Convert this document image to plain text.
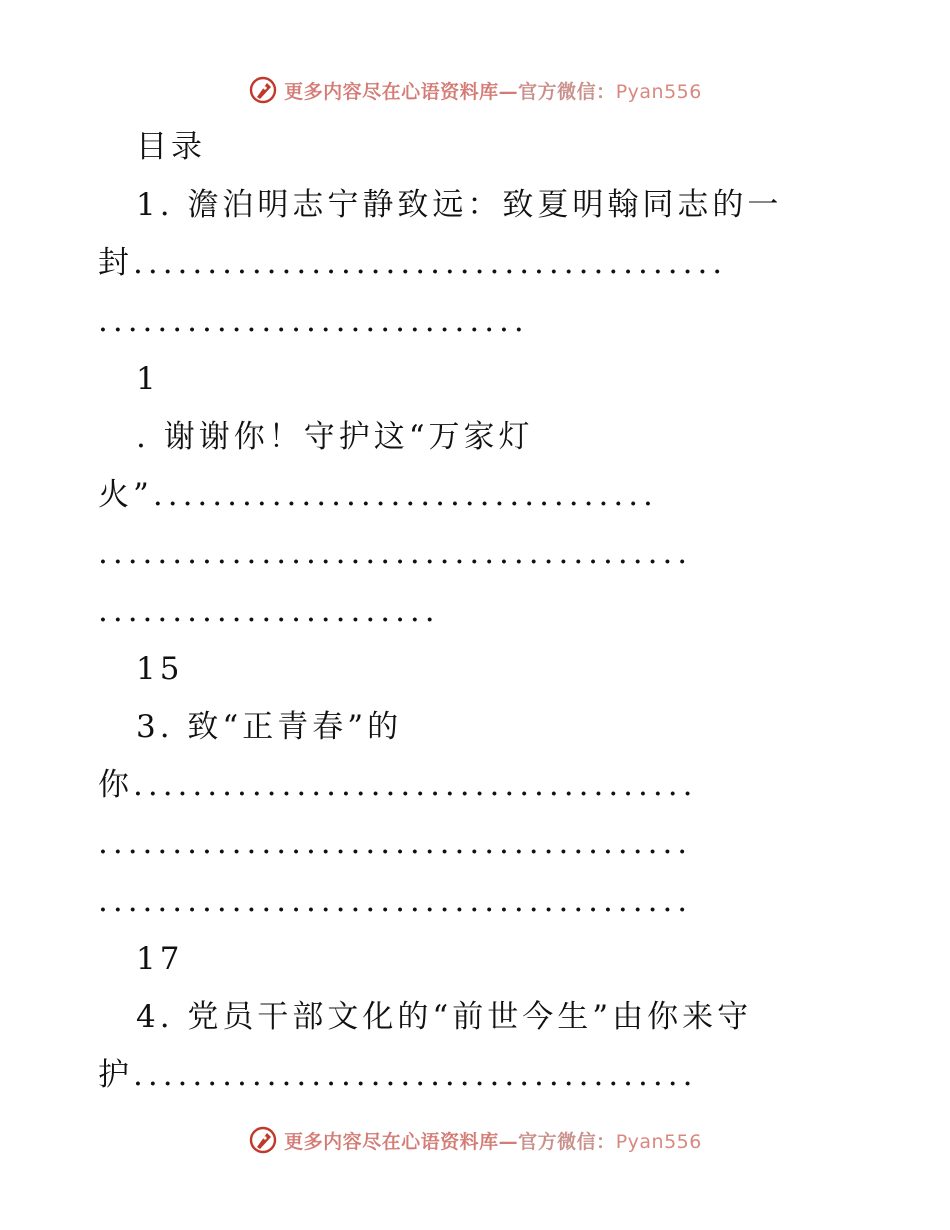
更多内容尽在心语资料库—官方微信：Pyan556
目录
1. 澹泊明志宁静致远：致夏明翰同志的一
封........................................
.............................
1
. 谢谢你！守护这“万家灯
火”..................................
........................................
.......................
15
3. 致“正青春”的
你......................................
........................................
........................................
17
4. 党员干部文化的“前世今生”由你来守
护......................................
更多内容尽在心语资料库—官方微信：Pyan556
